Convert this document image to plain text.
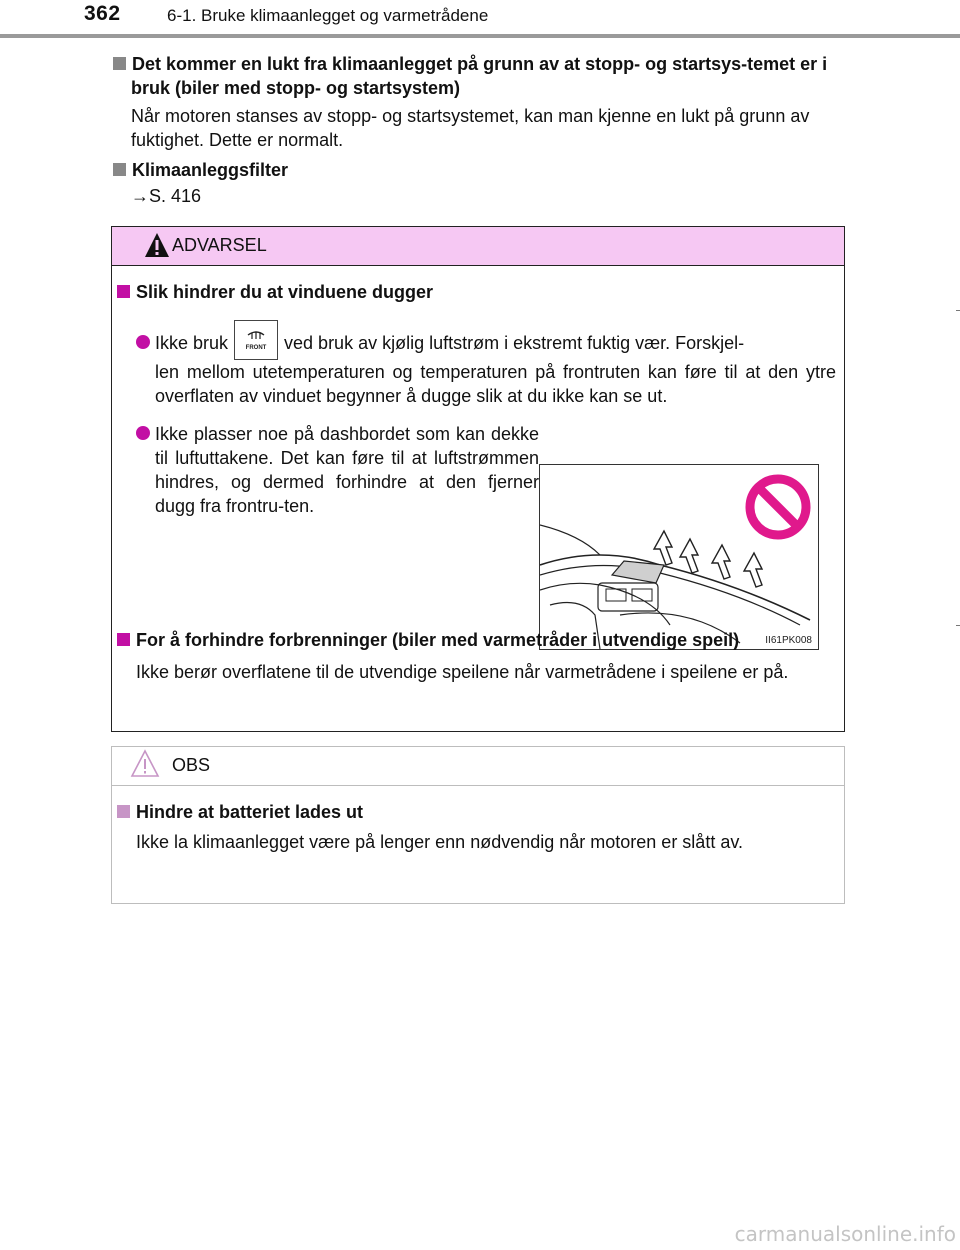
362	6-1. Bruke klimaanlegget og varmetrådene
Det kommer en lukt fra klimaanlegget på grunn av at stopp- og startsys-temet er i bruk (biler med stopp- og startsystem)
Når motoren stanses av stopp- og startsystemet, kan man kjenne en lukt på grunn av fuktighet. Dette er normalt.
Klimaanleggsfilter
→S. 416
ADVARSEL
Slik hindrer du at vinduene dugger
Ikke bruk	FRONT ved bruk av kjølig luftstrøm i ekstremt fuktig vær. Forskjel-
len mellom utetemperaturen og temperaturen på frontruten kan føre til at den ytre overflaten av vinduet begynner å dugge slik at du ikke kan se ut.
Ikke plasser noe på dashbordet som kan dekke til luftuttakene. Det kan føre til at luftstrømmen hindres, og dermed forhindre at den fjerner dugg fra frontru-ten.
II61PK008
For å forhindre forbrenninger (biler med varmetråder i utvendige speil)
Ikke berør overflatene til de utvendige speilene når varmetrådene i speilene er på.
OBS
Hindre at batteriet lades ut
Ikke la klimaanlegget være på lenger enn nødvendig når motoren er slått av.
carmanualsonline.info
